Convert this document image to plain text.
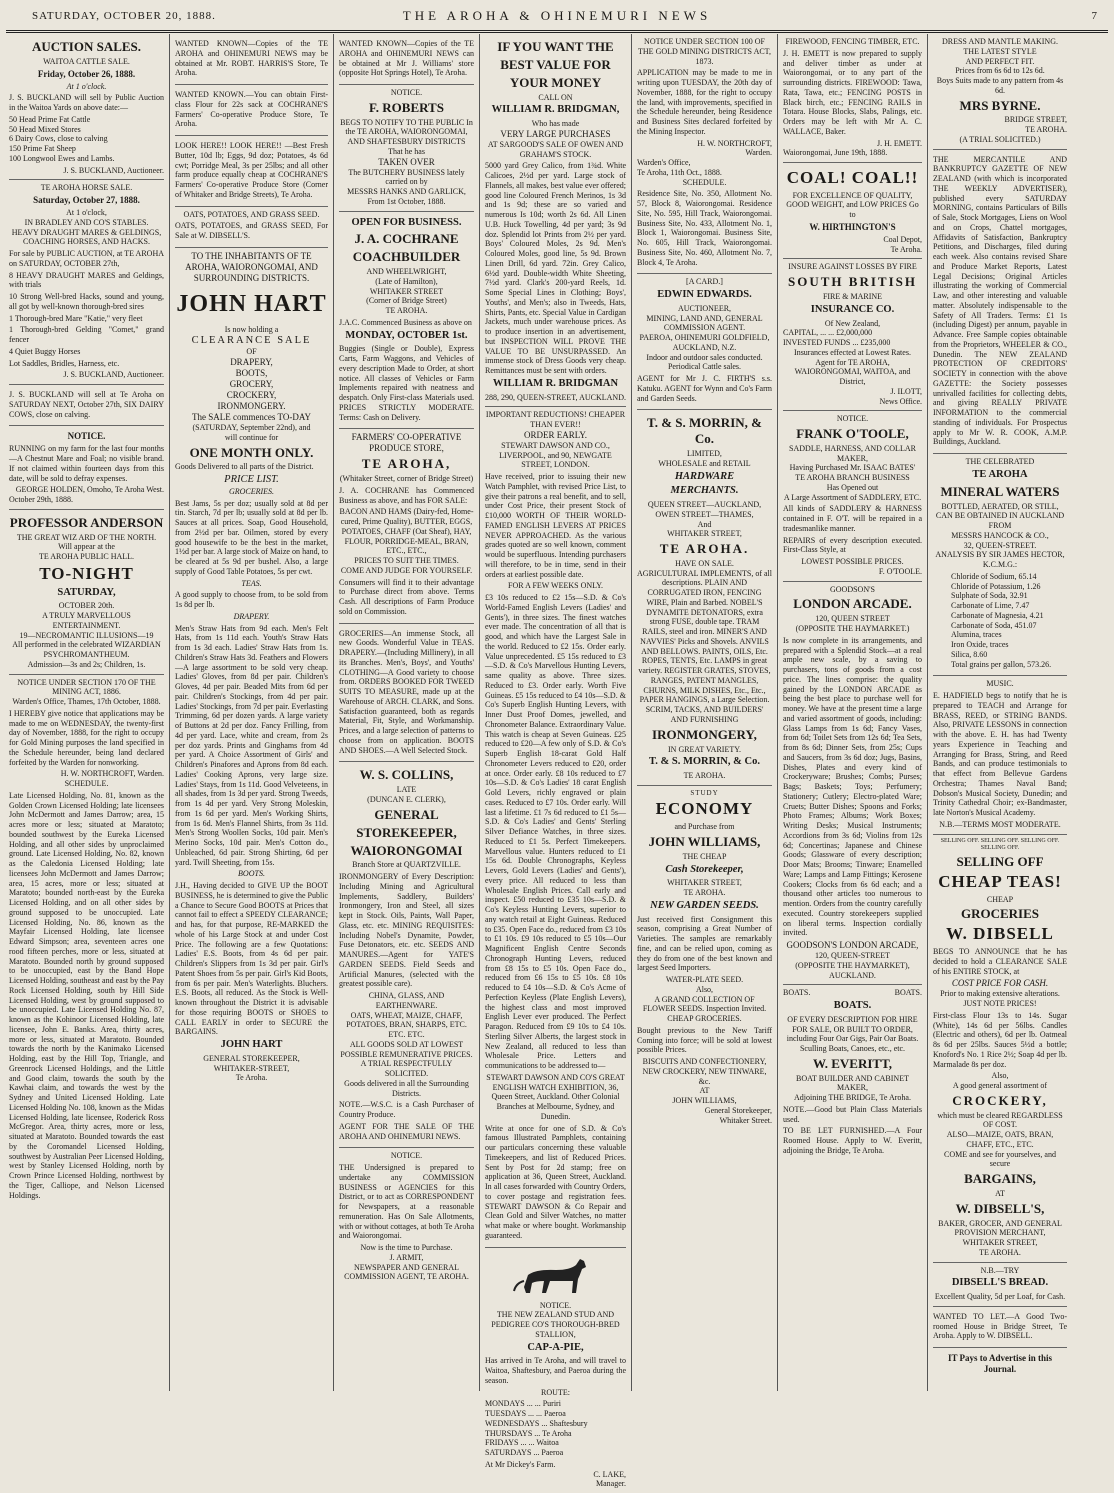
SATURDAY, OCTOBER 20, 1888.	THE AROHA & OHINEMURI NEWS	7
AUCTION SALES.
WAITOA CATTLE SALE.
Friday, October 26, 1888.
At 1 o'clock.
J. S. BUCKLAND will sell by Public Auction in the Waitoa Yards on above date:—
50 Head Prime Fat Cattle
50 Head Mixed Stores
6 Dairy Cows, close to calving
150 Prime Fat Sheep
100 Longwool Ewes and Lambs.
J. S. BUCKLAND, Auctioneer.
TE AROHA HORSE SALE.
Saturday, October 27, 1888.
At 1 o'clock,
IN BRADLEY AND CO'S STABLES.
HEAVY DRAUGHT MARES & GELDINGS, COACHING HORSES, AND HACKS.
For sale by PUBLIC AUCTION, at TE AROHA on SATURDAY, OCTOBER 27th,
8 HEAVY DRAUGHT MARES and Geldings, with trials
10 Strong Well-bred Hacks, sound and young, all got by well-known thorough-bred sires
1 Thorough-bred Mare "Katie," very fleet
1 Thorough-bred Gelding "Comet," grand fencer
4 Quiet Buggy Horses
Lot Saddles, Bridles, Harness, etc.
J. S. BUCKLAND, Auctioneer.
J. S. BUCKLAND will sell at Te Aroha on SATURDAY NEXT, October 27th, SIX DAIRY COWS, close on calving.
NOTICE.
RUNNING on my farm for the last four months—A Chestnut Mare and Foal; no visible brand. If not claimed within fourteen days from this date, will be sold to defray expenses.
GEORGE HOLDEN, Omoho, Te Aroha West.
October 29th, 1888.
PROFESSOR ANDERSON
THE GREAT WIZ ARD OF THE NORTH.
Will appear at the
TE AROHA PUBLIC HALL.
TO-NIGHT
SATURDAY,
OCTOBER 20th.
A TRULY MARVELLOUS ENTERTAINMENT.
19—NECROMANTIC ILLUSIONS—19
All performed in the celebrated WIZARDIAN PSYCHROMANTHEUM.
Admission—3s and 2s; Children, 1s.
NOTICE UNDER SECTION 170 OF THE MINING ACT, 1886.
Warden's Office, Thames, 17th October, 1888.
I HEREBY give notice that applications may be made to me on WEDNESDAY, the twenty-first day of November, 1888, for the right to occupy for Gold Mining purposes the land specified in the Schedule hereunder, being land declared forfeited by the Warden for nonworking.
H. W. NORTHCROFT, Warden.
SCHEDULE.
Late Licensed Holding, No. 81, known as the Golden Crown Licensed Holding; late licensees John McDermott and James Darrow; area, 15 acres more or less; situated at Maratoto; bounded southwest by the Eureka Licensed Holding, and all other sides by unproclaimed ground. Late Licensed Holding, No. 82, known as the Caledonia Licensed Holding; late licensees John McDermott and James Darrow; area, 15 acres, more or less; situated at Maratoto; bounded north-east by the Eureka Licensed Holding, and on all other sides by ground supposed to be unoccupied. Late Licensed Holding, No. 86, known as the Mayfair Licensed Holding, late licensee Edward Simpson; area, seventeen acres one rood fifteen perches, more or less, situated at Maratoto. Bounded north by ground supposed to be unoccupied, east by the Band Hope Licensed Holding, southeast and east by the Pay Rock Licensed Holding, south by Hill Side Licensed Holding, west by ground supposed to be unoccupied. Late Licensed Holding No. 87, known as the Kohinoor Licensed Holding, late licensee, John E. Banks. Area, thirty acres, more or less, situated at Maratoto. Bounded towards the north by the Kanimako Licensed Holding, east by the Hill Top, Triangle, and Greenrock Licensed Holdings, and the Little and Good claim, towards the south by the Kawhai claim, and towards the west by the Sydney and United Licensed Holding. Late Licensed Holding No. 108, known as the Midas Licensed Holding, late licensee, Roderick Ross McGregor. Area, thirty acres, more or less, situated at Maratoto. Bounded towards the east by the Coromandel Licensed Holding, southwest by Australian Peer Licensed Holding, west by Stanley Licensed Holding, north by Crown Prince Licensed Holding, northwest by the Tiger, Calliope, and Nelson Licensed Holdings.
WANTED KNOWN—Copies of the TE AROHA and OHINEMURI NEWS may be obtained at Mr. ROBT. HARRIS'S Store, Te Aroha.
WANTED KNOWN.—You can obtain First-class Flour for 22s sack at COCHRANE'S Farmers' Co-operative Produce Store, Te Aroha.
LOOK HERE!! LOOK HERE!! —Best Fresh Butter, 10d lb; Eggs, 9d doz; Potatoes, 4s 6d cwt; Porridge Meal, 3s per 25lbs; and all other farm produce equally cheap at COCHRANE'S Farmers' Co-operative Produce Store (Corner of Whitaker and Bridge Streets), Te Aroha.
OATS, POTATOES, AND GRASS SEED.
OATS, POTATOES, and GRASS SEED, For Sale at W. DIBSELL'S.
TO THE INHABITANTS OF TE AROHA, WAIORONGOMAI, AND SURROUNDING DISTRICTS.
JOHN HART
Is now holding a
CLEARANCE SALE
OF
DRAPERY,
BOOTS,
GROCERY,
CROCKERY,
IRONMONGERY.
The SALE commences TO-DAY
(SATURDAY, September 22nd), and
will continue for
ONE MONTH ONLY.
Goods Delivered to all parts of the District.
PRICE LIST.
GROCERIES.
Best Jams, 5s per doz; usually sold at 8d per tin. Starch, 7d per lb; usually sold at 8d per lb. Sauces at all prices. Soap, Good Household, from 2½d per bar. Oilmen, stored by every good housewife to be the best in the market, 1½d per bar. A large stock of Maize on hand, to be cleared at 5s 9d per bushel. Also, a large supply of Good Table Potatoes, 5s per cwt.
TEAS.
A good supply to choose from, to be sold from 1s 8d per lb.
DRAPERY.
Men's Straw Hats from 9d each. Men's Felt Hats, from 1s 11d each. Youth's Straw Hats from 1s 3d each. Ladies' Straw Hats from 1s. Children's Straw Hats 3d. Feathers and Flowers—A large assortment to be sold very cheap. Ladies' Gloves, from 8d per pair. Children's Gloves, 4d per pair. Beaded Mits from 6d per pair. Children's Stockings, from 4d per pair. Ladies' Stockings, from 7d per pair. Everlasting Trimming, 6d per dozen yards. A large variety of Buttons at 2d per doz. Fancy Frilling, from 4d per yard. Lace, white and cream, from 2s per doz yards. Prints and Ginghams from 4d per yard. A Choice Assortment of Girls' and Children's Pinafores and Aprons from 8d each. Ladies' Cooking Aprons, very large size. Ladies' Stays, from 1s 11d. Good Velveteens, in all shades, from 1s 3d per yard. Strong Tweeds, from 1s 4d per yard. Very Strong Moleskin, from 1s 6d per yard. Men's Working Shirts, from 1s 6d. Men's Flannel Shirts, from 3s 11d. Men's Strong Woollen Socks, 10d pair. Men's Merino Socks, 10d pair. Men's Cotton do., Unbleached, 6d pair. Strong Shirting, 6d per yard. Twill Sheeting, from 15s.
BOOTS.
J.H., Having decided to GIVE UP the BOOT BUSINESS, he is determined to give the Public a Chance to Secure Good BOOTS at Prices that cannot fail to effect a SPEEDY CLEARANCE; and has, for that purpose, RE-MARKED the whole of his Large Stock at and under Cost Price. The following are a few Quotations: Ladies' E.S. Boots, from 4s 6d per pair. Children's Slippers from 1s 3d per pair. Girl's Patent Shoes from 5s per pair. Girl's Kid Boots, from 6s per pair. Men's Waterlights. Bluchers. E.S. Boots, all reduced. As the Stock is Well-known throughout the District it is advisable for those requiring BOOTS or SHOES to CALL EARLY in order to SECURE the BARGAINS.
JOHN HART
GENERAL STOREKEEPER,
WHITAKER-STREET,
Te Aroha.
WANTED KNOWN—Copies of the TE AROHA and OHINEMURI NEWS can be obtained at Mr J. Williams' store (opposite Hot Springs Hotel), Te Aroha.
NOTICE.
F. ROBERTS
BEGS TO NOTIFY TO THE PUBLIC In the TE AROHA, WAIORONGOMAI, AND SHAFTESBURY DISTRICTS
That he has
TAKEN OVER
The BUTCHERY BUSINESS lately carried on by
MESSRS HANKS AND GARLICK,
From 1st October, 1888.
OPEN FOR BUSINESS.
J. A. COCHRANE
COACHBUILDER
AND WHEELWRIGHT,
(Late of Hamilton),
WHITAKER STREET
(Corner of Bridge Street)
TE AROHA.
J.A.C. Commenced Business as above on
MONDAY, OCTOBER 1st.
Buggies (Single or Double), Express Carts, Farm Waggons, and Vehicles of every description Made to Order, at short notice. All classes of Vehicles or Farm Implements repaired with neatness and despatch. Only First-class Materials used. PRICES STRICTLY MODERATE. Terms: Cash on Delivery.
FARMERS' CO-OPERATIVE PRODUCE STORE,
TE AROHA,
(Whitaker Street, corner of Bridge Street)
J. A. COCHRANE has Commenced Business as above, and has FOR SALE:
BACON AND HAMS (Dairy-fed, Home-cured, Prime Quality), BUTTER, EGGS, POTATOES, CHAFF (Oat Sheaf), HAY, FLOUR, PORRIDGE-MEAL, BRAN, ETC., ETC.,
PRICES TO SUIT THE TIMES.
COME AND JUDGE FOR YOURSELF.
Consumers will find it to their advantage to Purchase direct from above. Terms Cash. All descriptions of Farm Produce sold on Commission.
GROCERIES—An immense Stock, all new Goods. Wonderful Value in TEAS. DRAPERY.—(Including Millinery), in all its Branches. Men's, Boys', and Youths' CLOTHING—A Good variety to choose from. ORDERS BOOKED FOR TWEED SUITS TO MEASURE, made up at the Warehouse of ARCH. CLARK, and Sons. Satisfaction guaranteed, both as regards Material, Fit, Style, and Workmanship. Prices, and a large selection of patterns to choose from on application. BOOTS AND SHOES.—A Well Selected Stock.
W. S. COLLINS,
LATE
(DUNCAN E. CLERK),
GENERAL
STOREKEEPER,
WAIORONGOMAI
Branch Store at QUARTZVILLE.
IRONMONGERY of Every Description: Including Mining and Agricultural Implements, Saddlery, Builders' Ironmongery, Iron and Steel, all sizes kept in Stock. Oils, Paints, Wall Paper, Glass, etc. etc. MINING REQUISITES: Including Nobel's Dynamite, Powder, Fuse Detonators, etc. etc. SEEDS AND MANURES.—Agent for YATE'S GARDEN SEEDS. Field Seeds and Artificial Manures, (selected with the greatest possible care).
CHINA, GLASS, AND EARTHENWARE.
OATS, WHEAT, MAIZE, CHAFF, POTATOES, BRAN, SHARPS, ETC. ETC. ETC.
ALL GOODS SOLD AT LOWEST POSSIBLE REMUNERATIVE PRICES.
A TRIAL RESPECTFULLY SOLICITED.
Goods delivered in all the Surrounding Districts.
NOTE.—W.S.C. is a Cash Purchaser of Country Produce.
AGENT FOR THE SALE OF THE AROHA AND OHINEMURI NEWS.
NOTICE.
THE Undersigned is prepared to undertake any COMMISSION BUSINESS or AGENCIES for this District, or to act as CORRESPONDENT for Newspapers, at a reasonable remuneration. Has On Sale Allotments, with or without cottages, at both Te Aroha and Waiorongomai.
Now is the time to Purchase.
J. ARMIT,
NEWSPAPER AND GENERAL COMMISSION AGENT, TE AROHA.
IF YOU WANT THE
BEST VALUE FOR
YOUR MONEY
CALL ON
WILLIAM R. BRIDGMAN,
Who has made
VERY LARGE PURCHASES
AT SARGOOD'S SALE OF OWEN AND GRAHAM'S STOCK.
5000 yard Grey Calico, from 1¾d. White Calicoes, 2½d per yard. Large stock of Flannels, all makes, best value ever offered; good line Coloured French Merinos, 1s 3d and 1s 9d; these are so varied and numerous Is 10d; worth 2s 6d. All Linen U.B. Huck Towelling, 4d per yard; 3s 9d doz. Splendid lot Prints from 2½ per yard. Boys' Coloured Moles, 2s 9d. Men's Coloured Moles, good line, 5s 9d. Brown Linen Drill, 6d yard. 72in. Grey Calico, 6½d yard. Double-width White Sheeting, 7½d yard. Clark's 200-yard Reels, 1d. Some Special Lines in Clothing; Boys', Youths', and Men's; also in Tweeds, Hats, Shirts, Pants, etc. Special Value in Cardigan Jackets, much under warehouse prices. As to produce insertion in an advertisement, but INSPECTION WILL PROVE THE VALUE TO BE UNSURPASSED. An immense stock of Dress Goods very cheap. Remittances must be sent with orders.
WILLIAM R. BRIDGMAN
288, 290, QUEEN-STREET, AUCKLAND.
IMPORTANT REDUCTIONS! CHEAPER THAN EVER!!
ORDER EARLY.
STEWART DAWSON AND CO., LIVERPOOL, and 90, NEWGATE STREET, LONDON.
Have received, prior to issuing their new Watch Pamphlet, with revised Price List, to give their patrons a real benefit, and to sell, under Cost Price, their present Stock of £10,000 WORTH OF THEIR WORLD-FAMED ENGLISH LEVERS AT PRICES NEVER APPROACHED. As the various grades quoted are so well known, comment would be superfluous. Intending purchasers will therefore, to be in time, send in their orders at earliest possible date.
FOR A FEW WEEKS ONLY.
£3 10s reduced to £2 15s—S.D. & Co's World-Famed English Levers (Ladies' and Gents'), in three sizes. The finest watches ever made. The concentration of all that is good, and which have the Largest Sale in the world. Reduced to £2 15s. Order early. Value unprecedented. £5 15s reduced to £3—S.D. & Co's Marvellous Hunting Levers, same quality as above. Three sizes. Reduced to £3. Order early. Worth Five Guineas. £5 15s reduced to £4 10s—S.D. & Co's Superb English Hunting Levers, with Inner Dust Proof Domes, jewelled, and Chronometer Balance. Extraordinary Value. This watch is cheap at Seven Guineas. £25 reduced to £20—A few only of S.D. & Co's Superb English 18-carat Gold Half Chronometer Levers reduced to £20, order at once. Order early. £8 10s reduced to £7 10s—S.D. & Co's Ladies' 18 carat English Gold Levers, richly engraved or plain cases. Reduced to £7 10s. Order early. Will last a lifetime. £1 7s 6d reduced to £1 5s—S.D. & Co's Ladies' and Gents' Sterling Silver Defiance Watches, in three sizes. Reduced to £1 5s. Perfect Timekeepers. Marvellous value. Hunters reduced to £1 15s 6d. Double Chronographs, Keyless Levers, Gold Levers (Ladies' and Gents'), every price. All reduced to less than Wholesale English Prices. Call early and inspect. £50 reduced to £35 10s—S.D. & Co's Keyless Hunting Levers, superior to any watch retail at Eight Guineas. Reduced to £35. Open Face do., reduced from £3 10s to £1 10s. £9 10s reduced to £5 10s—Our Magnificent English Centre Seconds Chronograph Hunting Levers, reduced from £8 15s to £5 10s. Open Face do., reduced from £6 15s to £5 10s. £8 10s reduced to £4 10s—S.D. & Co's Acme of Perfection Keyless (Plate English Levers), the highest class and most improved English Lever ever produced. The Perfect Paragon. Reduced from £9 10s to £4 10s. Sterling Silver Alberts, the largest stock in New Zealand, all reduced to less than Wholesale Price. Letters and communications to be addressed to—
STEWART DAWSON AND CO'S GREAT ENGLISH WATCH EXHIBITION, 36, Queen Street, Auckland. Other Colonial Branches at Melbourne, Sydney, and Dunedin.
Write at once for one of S.D. & Co's famous Illustrated Pamphlets, containing our particulars concerning these valuable Timekeepers, and list of Reduced Prices. Sent by Post for 2d stamp; free on application at 36, Queen Street, Auckland. In all cases forwarded with Country Orders, to cover postage and registration fees. STEWART DAWSON & Co Repair and Clean Gold and Silver Watches, no matter what make or where bought. Workmanship guaranteed.
NOTICE.
THE NEW ZEALAND STUD AND PEDIGREE CO'S THOROUGH-BRED STALLION,
CAP-A-PIE,
Has arrived in Te Aroha, and will travel to Waitoa, Shaftesbury, and Paeroa during the season.
ROUTE:
MONDAYS ... ... Puriri
TUESDAYS ... ... Paeroa
WEDNESDAYS ... Shaftesbury
THURSDAYS ... Te Aroha
FRIDAYS ... ... Waitoa
SATURDAYS ... Paeroa
At Mr Dickey's Farm.
C. LAKE,
Manager.
NOTICE UNDER SECTION 100 OF THE GOLD MINING DISTRICTS ACT, 1873.
APPLICATION may be made to me in writing upon TUESDAY, the 20th day of November, 1888, for the right to occupy the land, with improvements, specified in the Schedule hereunder, being Residence and Business Sites declared forfeited by the Mining Inspector.
H. W. NORTHCROFT,
Warden.
Warden's Office,
Te Aroha, 11th Oct., 1888.
SCHEDULE.
Residence Site, No. 350, Allotment No. 57, Block 8, Waiorongomai. Residence Site, No. 595, Hill Track, Waiorongomai. Business Site, No. 433, Allotment No. 1, Block 1, Waiorongomai. Business Site, No. 605, Hill Track, Waiorongomai. Business Site, No. 460, Allotment No. 7, Block 4, Te Aroha.
[A CARD.]
EDWIN EDWARDS.
AUCTIONEER,
MINING, LAND AND, GENERAL COMMISSION AGENT.
PAEROA, OHINEMURI GOLDFIELD, AUCKLAND, N.Z.
Indoor and outdoor sales conducted. Periodical Cattle sales.
AGENT for Mr J. C. FIRTH'S s.s. Katuku. AGENT for Wynn and Co's Farm and Garden Seeds.
T. & S. MORRIN, & Co.
LIMITED,
WHOLESALE and RETAIL
HARDWARE
MERCHANTS.
QUEEN STREET—AUCKLAND,
OWEN STREET—THAMES,
And
WHITAKER STREET,
TE AROHA.
HAVE ON SALE.
AGRICULTURAL IMPLEMENTS, of all descriptions. PLAIN AND CORRUGATED IRON, FENCING WIRE, Plain and Barbed. NOBEL'S DYNAMITE DETONATORS, extra strong FUSE, double tape. TRAM RAILS, steel and iron. MINER'S AND NAVVIES' Picks and Shovels. ANVILS AND BELLOWS. PAINTS, OILS, Etc. ROPES, TENTS, Etc. LAMPS in great variety. REGISTER GRATES, STOVES, RANGES, PATENT MANGLES, CHURNS, MILK DISHES, Etc., Etc., PAPER HANGINGS, a Large Selection. SCRIM, TACKS, AND BUILDERS' AND FURNISHING
IRONMONGERY,
IN GREAT VARIETY.
T. & S. MORRIN, & Co.
TE AROHA.
STUDY
ECONOMY
and Purchase from
JOHN WILLIAMS,
THE CHEAP
Cash Storekeeper,
WHITAKER STREET,
TE AROHA.
NEW GARDEN SEEDS.
Just received first Consignment this season, comprising a Great Number of Varieties. The samples are remarkably fine, and can be relied upon, coming as they do from one of the best known and largest Seed Importers.
WATER-PLATE SEED.
Also,
A GRAND COLLECTION OF FLOWER SEEDS. Inspection Invited.
CHEAP GROCERIES.
Bought previous to the New Tariff Coming into force; will be sold at lowest possible Prices.
BISCUITS AND CONFECTIONERY, NEW CROCKERY, NEW TINWARE, &c.
AT
JOHN WILLIAMS,
General Storekeeper,
Whitaker Street.
FIREWOOD, FENCING TIMBER, ETC.
J. H. EMETT is now prepared to supply and deliver timber as under at Waiorongomai, or to any part of the surrounding districts. FIREWOOD: Tawa, Rata, Tawa, etc.; FENCING POSTS in Black birch, etc.; FENCING RAILS in Totara. House Blocks, Slabs, Palings, etc. Orders may be left with Mr A. C. WALLACE, Baker.
J. H. EMETT.
Waiorongomai, June 19th, 1888.
COAL! COAL!!
FOR EXCELLENCE OF QUALITY, GOOD WEIGHT, and LOW PRICES Go to
W. HIRTHINGTON'S
Coal Depot,
Te Aroha.
INSURE AGAINST LOSSES BY FIRE
SOUTH BRITISH
FIRE & MARINE
INSURANCE CO.
Of New Zealand,
CAPITAL, ... ... £2,000,000
INVESTED FUNDS ... £235,000
Insurances effected at Lowest Rates.
Agent for TE AROHA, WAIORONGOMAI, WAITOA, and District,
J. ILOTT,
News Office.
NOTICE.
FRANK O'TOOLE,
SADDLE, HARNESS, AND COLLAR MAKER,
Having Purchased Mr. ISAAC BATES'
TE AROHA BRANCH BUSINESS
Has Opened out
A Large Assortment of SADDLERY, ETC.
All kinds of SADDLERY & HARNESS contained in F. O'T. will be repaired in a tradesmanlike manner.
REPAIRS of every description executed. First-Class Style, at
LOWEST POSSIBLE PRICES.
F. O'TOOLE.
GOODSON'S
LONDON ARCADE.
120, QUEEN STREET
(OPPOSITE THE HAYMARKET.)
Is now complete in its arrangements, and prepared with a Splendid Stock—at a real ample new scale, by a saving to purchasers, tons of goods from a cost price. The lines comprise: the quality gained by the LONDON ARCADE as being the best place to purchase well for money. We have at the present time a large and varied assortment of goods, including: Glass Lamps from 1s 6d; Fancy Vases, from 6d; Toilet Sets from 12s 6d; Tea Sets, from 8s 6d; Dinner Sets, from 25s; Cups and Saucers, from 3s 6d doz; Jugs, Basins, Dishes, Plates and every kind of Crockeryware; Brushes; Combs; Purses; Bags; Baskets; Toys; Perfumery; Stationery; Cutlery; Electro-plated Ware; Cruets; Butter Dishes; Spoons and Forks; Photo Frames; Albums; Work Boxes; Writing Desks; Musical Instruments; Accordions from 3s 6d; Violins from 12s 6d; Concertinas; Japanese and Chinese Goods; Glassware of every description; Door Mats; Brooms; Tinware; Enamelled Ware; Lamps and Lamp Fittings; Kerosene Cookers; Clocks from 6s 6d each; and a thousand other articles too numerous to mention. Orders from the country carefully executed. Country storekeepers supplied on liberal terms. Inspection cordially invited.
GOODSON'S LONDON ARCADE,
120, QUEEN-STREET
(OPPOSITE THE HAYMARKET),
AUCKLAND.
BOATS.	BOATS.
BOATS.
OF EVERY DESCRIPTION FOR HIRE FOR SALE, OR BUILT TO ORDER,
including Four Oar Gigs, Pair Oar Boats. Sculling Boats, Canoes, etc., etc.
W. EVERITT,
BOAT BUILDER AND CABINET MAKER,
Adjoining THE BRIDGE, Te Aroha.
NOTE.—Good but Plain Class Materials used.
TO BE LET FURNISHED.—A Four Roomed House. Apply to W. Everitt, adjoining the Bridge, Te Aroha.
DRESS AND MANTLE MAKING.
THE LATEST STYLE
AND PERFECT FIT.
Prices from 6s 6d to 12s 6d.
Boys Suits made to any pattern from 4s 6d.
MRS BYRNE.
BRIDGE STREET,
TE AROHA.
(A TRIAL SOLICITED.)
THE MERCANTILE AND BANKRUPTCY GAZETTE OF NEW ZEALAND (with which is incorporated THE WEEKLY ADVERTISER), published every SATURDAY MORNING, contains Particulars of Bills of Sale, Stock Mortgages, Liens on Wool and on Crops, Chattel mortgages, Affidavits of Satisfaction, Bankruptcy Petitions, and Discharges, filed during each week. Also contains revised Share and Produce Market Reports, Latest Legal Decisions; Original Articles illustrating the working of Commercial Law, and other interesting and valuable matter. Absolutely indispensable to the Safety of All Traders. Terms: £1 1s (including Digest) per annum, payable in Advance. Free Sample copies obtainable from the Proprietors, WHEELER & CO., Dunedin. The NEW ZEALAND PROTECTION OF CREDITORS' SOCIETY in connection with the above GAZETTE: the Society possesses unrivalled facilities for collecting debts, and giving REALLY PRIVATE INFORMATION to the commercial standing of individuals. For Prospectus apply to Mr W. R. COOK, A.M.P. Buildings, Auckland.
THE CELEBRATED
TE AROHA
MINERAL WATERS
BOTTLED, AERATED, OR STILL,
CAN BE OBTAINED IN AUCKLAND
FROM
MESSRS HANCOCK & CO.,
32, QUEEN-STREET.
ANALYSIS BY SIR JAMES HECTOR, K.C.M.G.:
Chloride of Sodium, 65.14
Chloride of Potassium, 1.26
Sulphate of Soda, 32.91
Carbonate of Lime, 7.47
Carbonate of Magnesia, 4.21
Carbonate of Soda, 451.07
Alumina, traces
Iron Oxide, traces
Silica, 8.60
Total grains per gallon, 573.26.
MUSIC.
E. HADFIELD begs to notify that he is prepared to TEACH and Arrange for BRASS, REED, or STRING BANDS. Also, PRIVATE LESSONS in connection with the above. E. H. has had Twenty years Experience in Teaching and Arranging for Brass, String, and Reed Bands, and can produce testimonials to that effect from Bellevue Gardens Orchestra; Thames Naval Band; Dobson's Musical Society, Dunedin; and Trinity Cathedral Choir; ex-Bandmaster, late Norton's Musical Academy.
N.B.—TERMS MOST MODERATE.
SELLING OFF. SELLING OFF. SELLING OFF. SELLING OFF.
SELLING OFF
CHEAP TEAS!
CHEAP
GROCERIES
W. DIBSELL
BEGS TO ANNOUNCE that he has decided to hold a CLEARANCE SALE of his ENTIRE STOCK, at
COST PRICE FOR CASH.
Prior to making extensive alterations.
JUST NOTE PRICES!
First-class Flour 13s to 14s. Sugar (White), 14s 6d per 56lbs. Candles (Electric and others), 6d per lb. Oatmeal 8s 6d per 25lbs. Sauces 5½d a bottle; Knoford's No. 1 Rice 2½; Soap 4d per lb. Marmalade 8s per doz.
Also,
A good general assortment of
CROCKERY,
which must be cleared REGARDLESS OF COST.
ALSO—MAIZE, OATS, BRAN, CHAFF, ETC., ETC.
COME and see for yourselves, and secure
BARGAINS,
AT
W. DIBSELL'S,
BAKER, GROCER, AND GENERAL PROVISION MERCHANT,
WHITAKER STREET,
TE AROHA.
N.B.—TRY
DIBSELL'S BREAD.
Excellent Quality, 5d per Loaf, for Cash.
WANTED TO LET.—A Good Two-roomed House in Bridge Street, Te Aroha. Apply to W. DIBSELL.
IT Pays to Advertise in this Journal.
